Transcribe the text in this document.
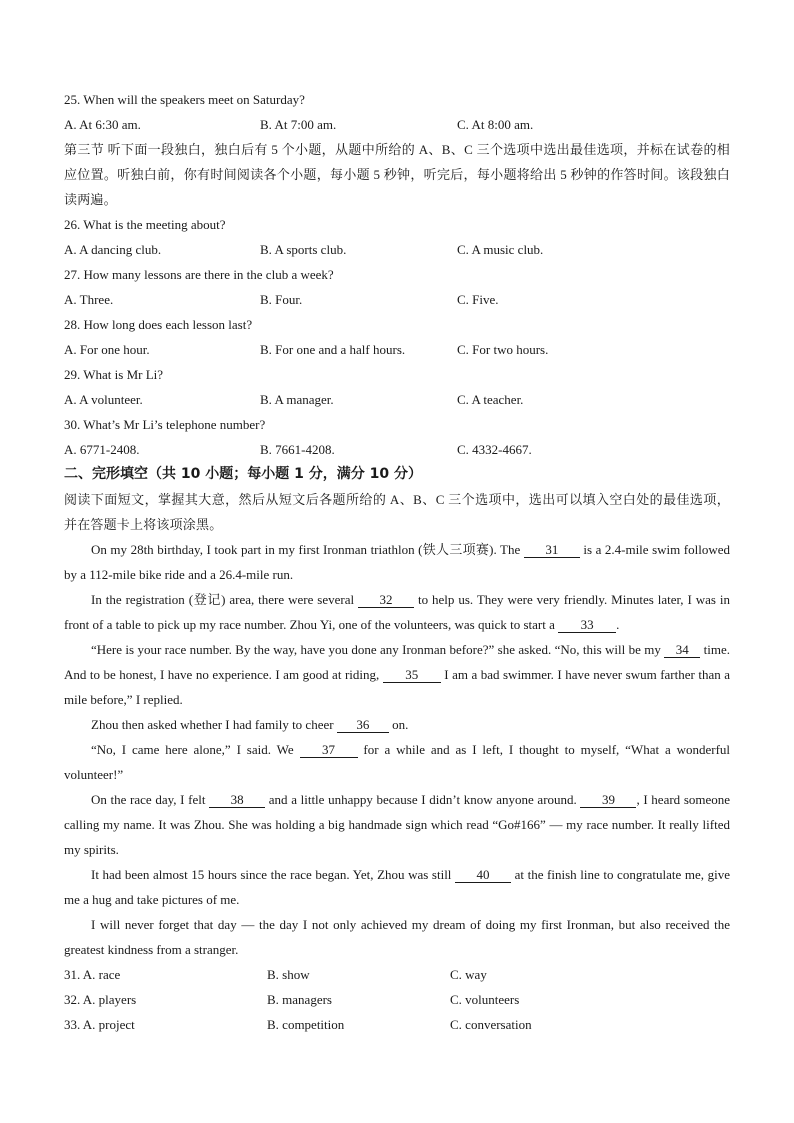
25. When will the speakers meet on Saturday?
A. At 6:30 am.	B. At 7:00 am.	C. At 8:00 am.
第三节 听下面一段独白，独白后有 5 个小题，从题中所给的 A、B、C 三个选项中选出最佳选项，并标在试卷的相应位置。听独白前，你有时间阅读各个小题，每小题 5 秒钟，听完后，每小题将给出 5 秒钟的作答时间。该段独白读两遍。
26. What is the meeting about?
A. A dancing club.	B. A sports club.	C. A music club.
27. How many lessons are there in the club a week?
A. Three.	B. Four.	C. Five.
28. How long does each lesson last?
A. For one hour.	B. For one and a half hours.	C. For two hours.
29. What is Mr Li?
A. A volunteer.	B. A manager.	C. A teacher.
30. What’s Mr Li’s telephone number?
A. 6771-2408.	B. 7661-4208.	C. 4332-4667.
二、完形填空（共 10 小题；每小题 1 分，满分 10 分）
阅读下面短文，掌握其大意，然后从短文后各题所给的 A、B、C 三个选项中，选出可以填入空白处的最佳选项，并在答题卡上将该项涂黑。
On my 28th birthday, I took part in my first Ironman triathlon (铁人三项赛). The 31 is a 2.4-mile swim followed by a 112-mile bike ride and a 26.4-mile run.
In the registration (登记) area, there were several 32 to help us. They were very friendly. Minutes later, I was in front of a table to pick up my race number. Zhou Yi, one of the volunteers, was quick to start a 33 .
“Here is your race number. By the way, have you done any Ironman before?” she asked. “No, this will be my 34 time. And to be honest, I have no experience. I am good at riding, 35 I am a bad swimmer. I have never swum farther than a mile before,” I replied.
Zhou then asked whether I had family to cheer 36 on.
“No, I came here alone,” I said. We 37 for a while and as I left, I thought to myself, “What a wonderful volunteer!”
On the race day, I felt 38 and a little unhappy because I didn’t know anyone around. 39 , I heard someone calling my name. It was Zhou. She was holding a big handmade sign which read “Go#166” — my race number. It really lifted my spirits.
It had been almost 15 hours since the race began. Yet, Zhou was still 40 at the finish line to congratulate me, give me a hug and take pictures of me.
I will never forget that day — the day I not only achieved my dream of doing my first Ironman, but also received the greatest kindness from a stranger.
31. A. race	B. show	C. way
32. A. players	B. managers	C. volunteers
33. A. project	B. competition	C. conversation
